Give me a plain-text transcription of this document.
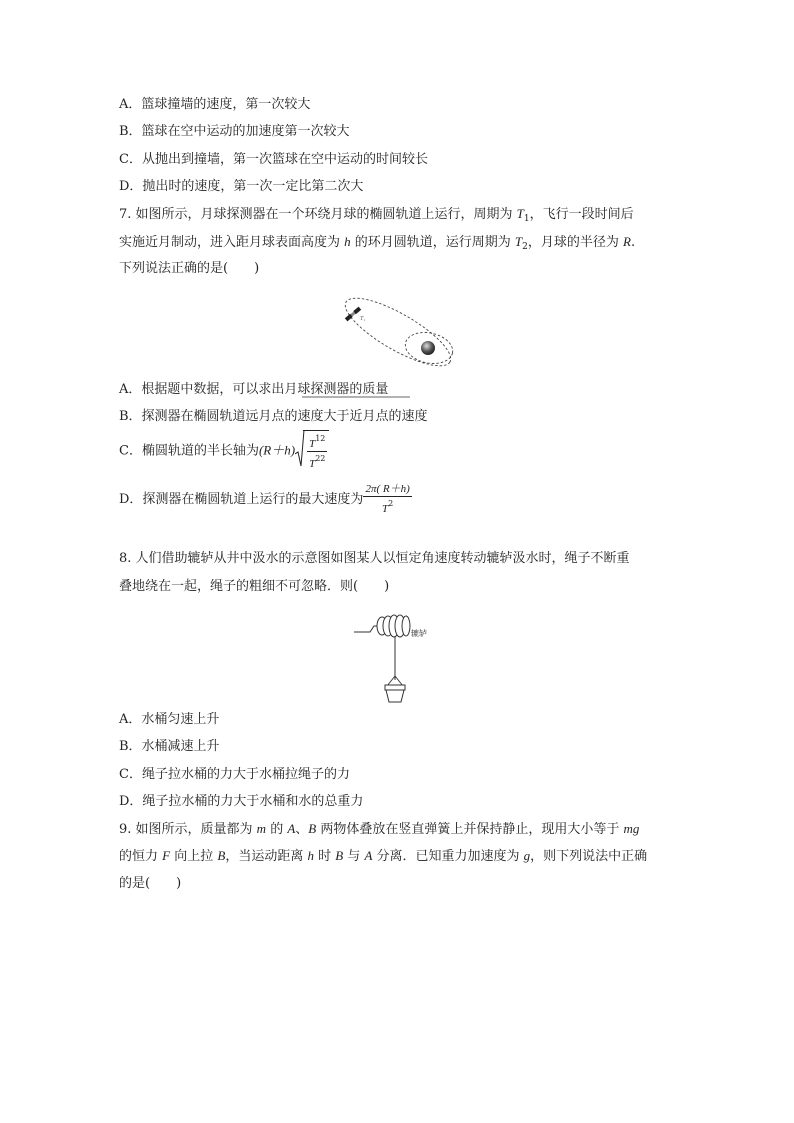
A．篮球撞墙的速度，第一次较大
B．篮球在空中运动的加速度第一次较大
C．从抛出到撞墙，第一次篮球在空中运动的时间较长
D．抛出时的速度，第一次一定比第二次大
7. 如图所示，月球探测器在一个环绕月球的椭圆轨道上运行，周期为 $T_1$，飞行一段时间后
实施近月制动，进入距月球表面高度为 h 的环月圆轨道，运行周期为 $T_2$，月球的半径为 R.
下列说法正确的是(　　)
T₁
A．根据题中数据，可以求出月球探测器的质量
B．探测器在椭圆轨道远月点的速度大于近月点的速度
C．椭圆轨道的半长轴为$(R+h) \frac{T^{12}}{T^{22}}$
D．探测器在椭圆轨道上运行的最大速度为 $\frac{2\pi( R+h)}{T^2}$
8. 人们借助辘轳从井中汲水的示意图如图某人以恒定角速度转动辘轳汲水时，绳子不断重
叠地绕在一起，绳子的粗细不可忽略．则(　　)
辘轳
A．水桶匀速上升
B．水桶减速上升
C．绳子拉水桶的力大于水桶拉绳子的力
D．绳子拉水桶的力大于水桶和水的总重力
9. 如图所示，质量都为 m 的 A、B 两物体叠放在竖直弹簧上并保持静止，现用大小等于 mg
的恒力 F 向上拉 B，当运动距离 h 时 B 与 A 分离．已知重力加速度为 g，则下列说法中正确
的是(　　)
